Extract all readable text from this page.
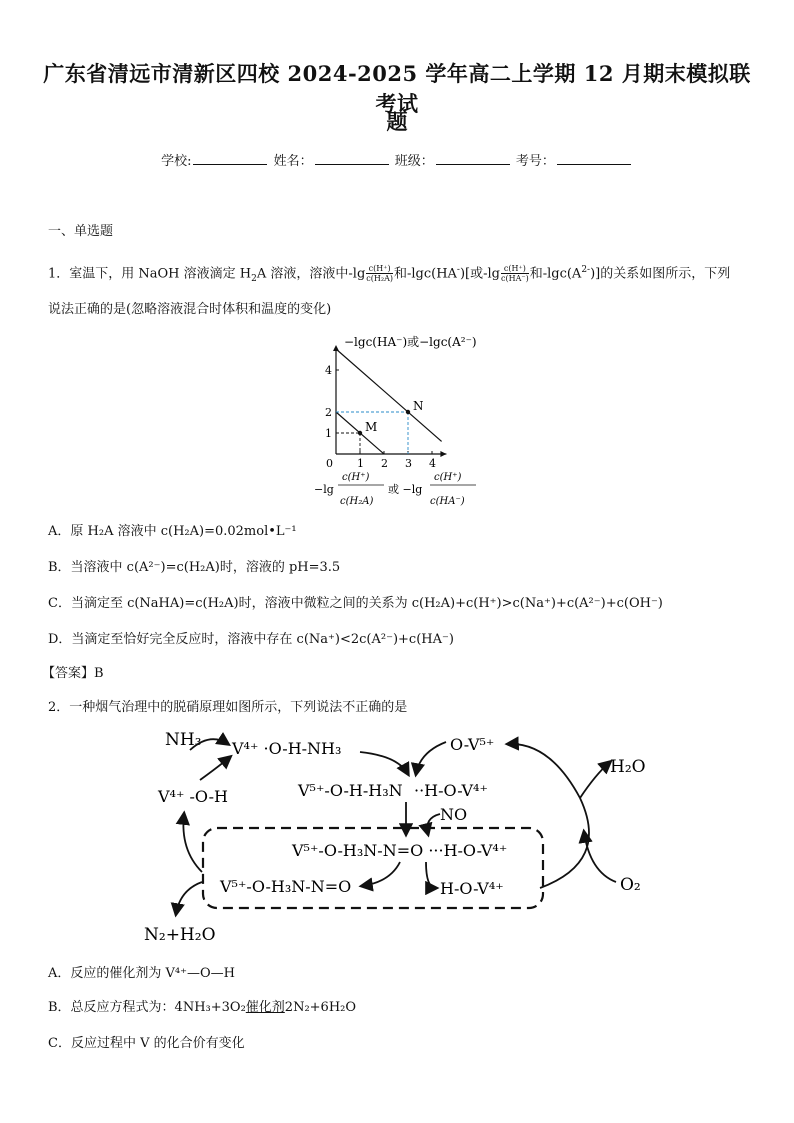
广东省清远市清新区四校 2024-2025 学年高二上学期 12 月期末模拟联考试
题
学校:	姓名：	班级：	考号：
一、单选题
1．室温下，用 NaOH 溶液滴定 $H_2A$ 溶液，溶液中$-\lg \frac{c(H^+)}{\text{c(H₂A)}}$ 和-lgc(HA-)[或$-\lg \frac{c(H^+)}{c(HA^-)}$ 和$-\lg c(A^{2-})$]的关系如图所示，下列
说法正确的是(忽略溶液混合时体积和温度的变化)
0 1 2 3 4
1
2
4
M
N
−lgc(HA⁻)或−lgc(A²⁻)
−lg
c(H⁺)
c(H₂A)
或 −lg
c(H⁺)
c(HA⁻)
A．原 H₂A 溶液中 c(H₂A)=0.02mol•L⁻¹
B．当溶液中 c(A²⁻)=c(H₂A)时，溶液的 pH=3.5
C．当滴定至 c(NaHA)=c(H₂A)时，溶液中微粒之间的关系为 c(H₂A)+c(H⁺)>c(Na⁺)+c(A²⁻)+c(OH⁻)
D．当滴定至恰好完全反应时，溶液中存在 c(Na⁺)<2c(A²⁻)+c(HA⁻)
【答案】B
2．一种烟气治理中的脱硝原理如图所示，下列说法不正确的是
NH₃ V⁴⁺ ·O-H-NH₃
V⁴⁺ -O-H
O-V⁵⁺
V⁵⁺-O-H-H₃N ··H-O-V⁴⁺
NO
V⁵⁺-O-H₃N-N=O ···H-O-V⁴⁺
V⁵⁺-O-H₃N-N=O	H-O-V⁴⁺
H₂O
O₂
N₂+H₂O
A．反应的催化剂为 V⁴⁺—O—H
B．总反应方程式为：4NH₃+3O₂催化剂2N₂+6H₂O
C．反应过程中 V 的化合价有变化
